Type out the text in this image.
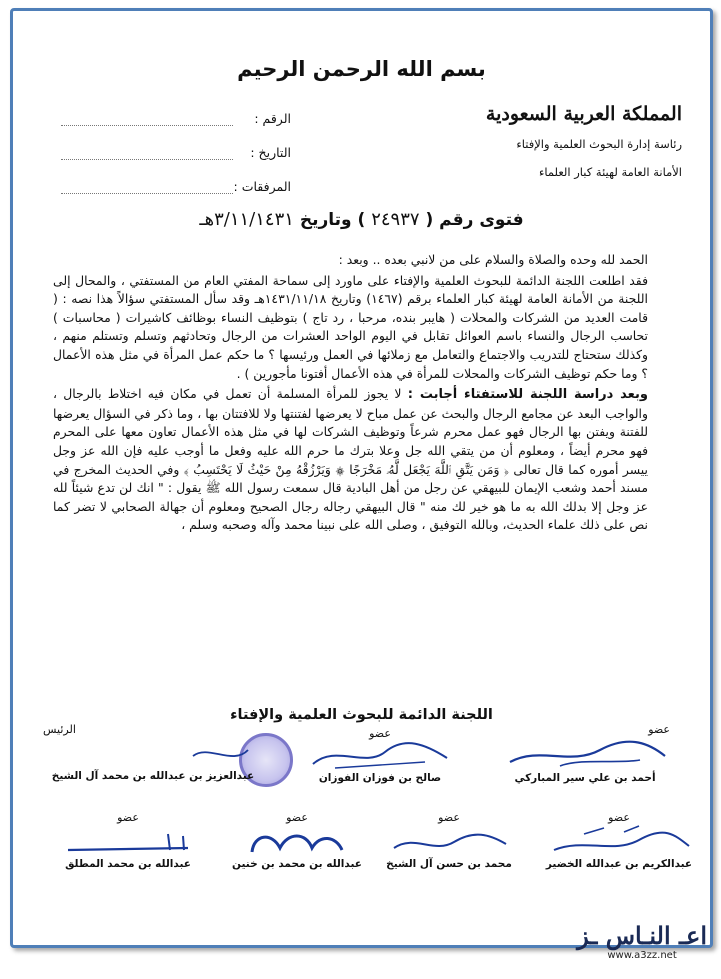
بسم الله الرحمن الرحيم
المملكة العربية السعودية
رئاسة إدارة البحوث العلمية والإفتاء
الأمانة العامة لهيئة كبار العلماء
الرقم :
التاريخ :
المرفقات :
فتوى رقم ( ٢٤٩٣٧ ) وتاريخ ٣/١١/١٤٣١هـ

الحمد لله وحده والصلاة والسلام على من لانبي بعده .. وبعد :

فقد اطلعت اللجنة الدائمة للبحوث العلمية والإفتاء على ماورد إلى سماحة المفتي العام من المستفتي ، والمحال إلى اللجنة من الأمانة العامة لهيئة كبار العلماء برقم (١٤٦٧) وتاريخ ١٤٣١/١١/١٨هـ وقد سأل المستفتي سؤالاً هذا نصه : ( قامت العديد من الشركات والمحلات ( هايبر بنده، مرحبا ، رد تاج ) بتوظيف النساء بوظائف كاشيرات ( محاسبات ) تحاسب الرجال والنساء باسم العوائل تقابل في اليوم الواحد العشرات من الرجال وتحادثهم وتسلم وتستلم منهم ، وكذلك ستحتاج للتدريب والاجتماع والتعامل مع زملائها في العمل ورئيسها ؟ ما حكم عمل المرأة في مثل هذه الأعمال ؟ وما حكم توظيف الشركات والمحلات للمرأة في هذه الأعمال أفتونا مأجورين ) .

وبعد دراسة اللجنة للاستفتاء أجابت : لا يجوز للمرأة المسلمة أن تعمل في مكان فيه اختلاط بالرجال ، والواجب البعد عن مجامع الرجال والبحث عن عمل مباح لا يعرضها لفتنتها ولا للافتتان بها ، وما ذكر في السؤال يعرضها للفتنة ويفتن بها الرجال فهو عمل محرم شرعاً وتوظيف الشركات لها في مثل هذه الأعمال تعاون معها على المحرم فهو محرم أيضاً ، ومعلوم أن من يتقي الله جل وعلا بترك ما حرم الله عليه وفعل ما أوجب عليه فإن الله عز وجل ييسر أموره كما قال تعالى ﴿ وَمَن يَتَّقِ ٱللَّهَ يَجْعَل لَّهُۥ مَخْرَجًا ۞ وَيَرْزُقْهُ مِنْ حَيْثُ لَا يَحْتَسِبُ ﴾ وفي الحديث المخرج في مسند أحمد وشعب الإيمان للبيهقي عن رجل من أهل البادية قال سمعت رسول الله ﷺ يقول : " انك لن تدع شيئاً لله عز وجل إلا بدلك الله به ما هو خير لك منه " قال البيهقي رجاله رجال الصحيح ومعلوم أن جهالة الصحابي لا تضر كما نص على ذلك علماء الحديث، وبالله التوفيق ، وصلى الله على نبينا محمد وآله وصحبه وسلم ،

اللجنة الدائمة للبحوث العلمية والإفتاء
عضو
أحمد بن علي سير المباركي
عضو
صالح بن فوزان الفوزان
الرئيس
عبدالعزيز بن عبدالله بن محمد آل الشيخ
عضو
عبدالكريم بن عبدالله الخضير
عضو
محمد بن حسن آل الشيخ
عضو
عبدالله بن محمد بن خنين
عضو
عبدالله بن محمد المطلق
اعـ النـاس ـز
www.a3zz.net
